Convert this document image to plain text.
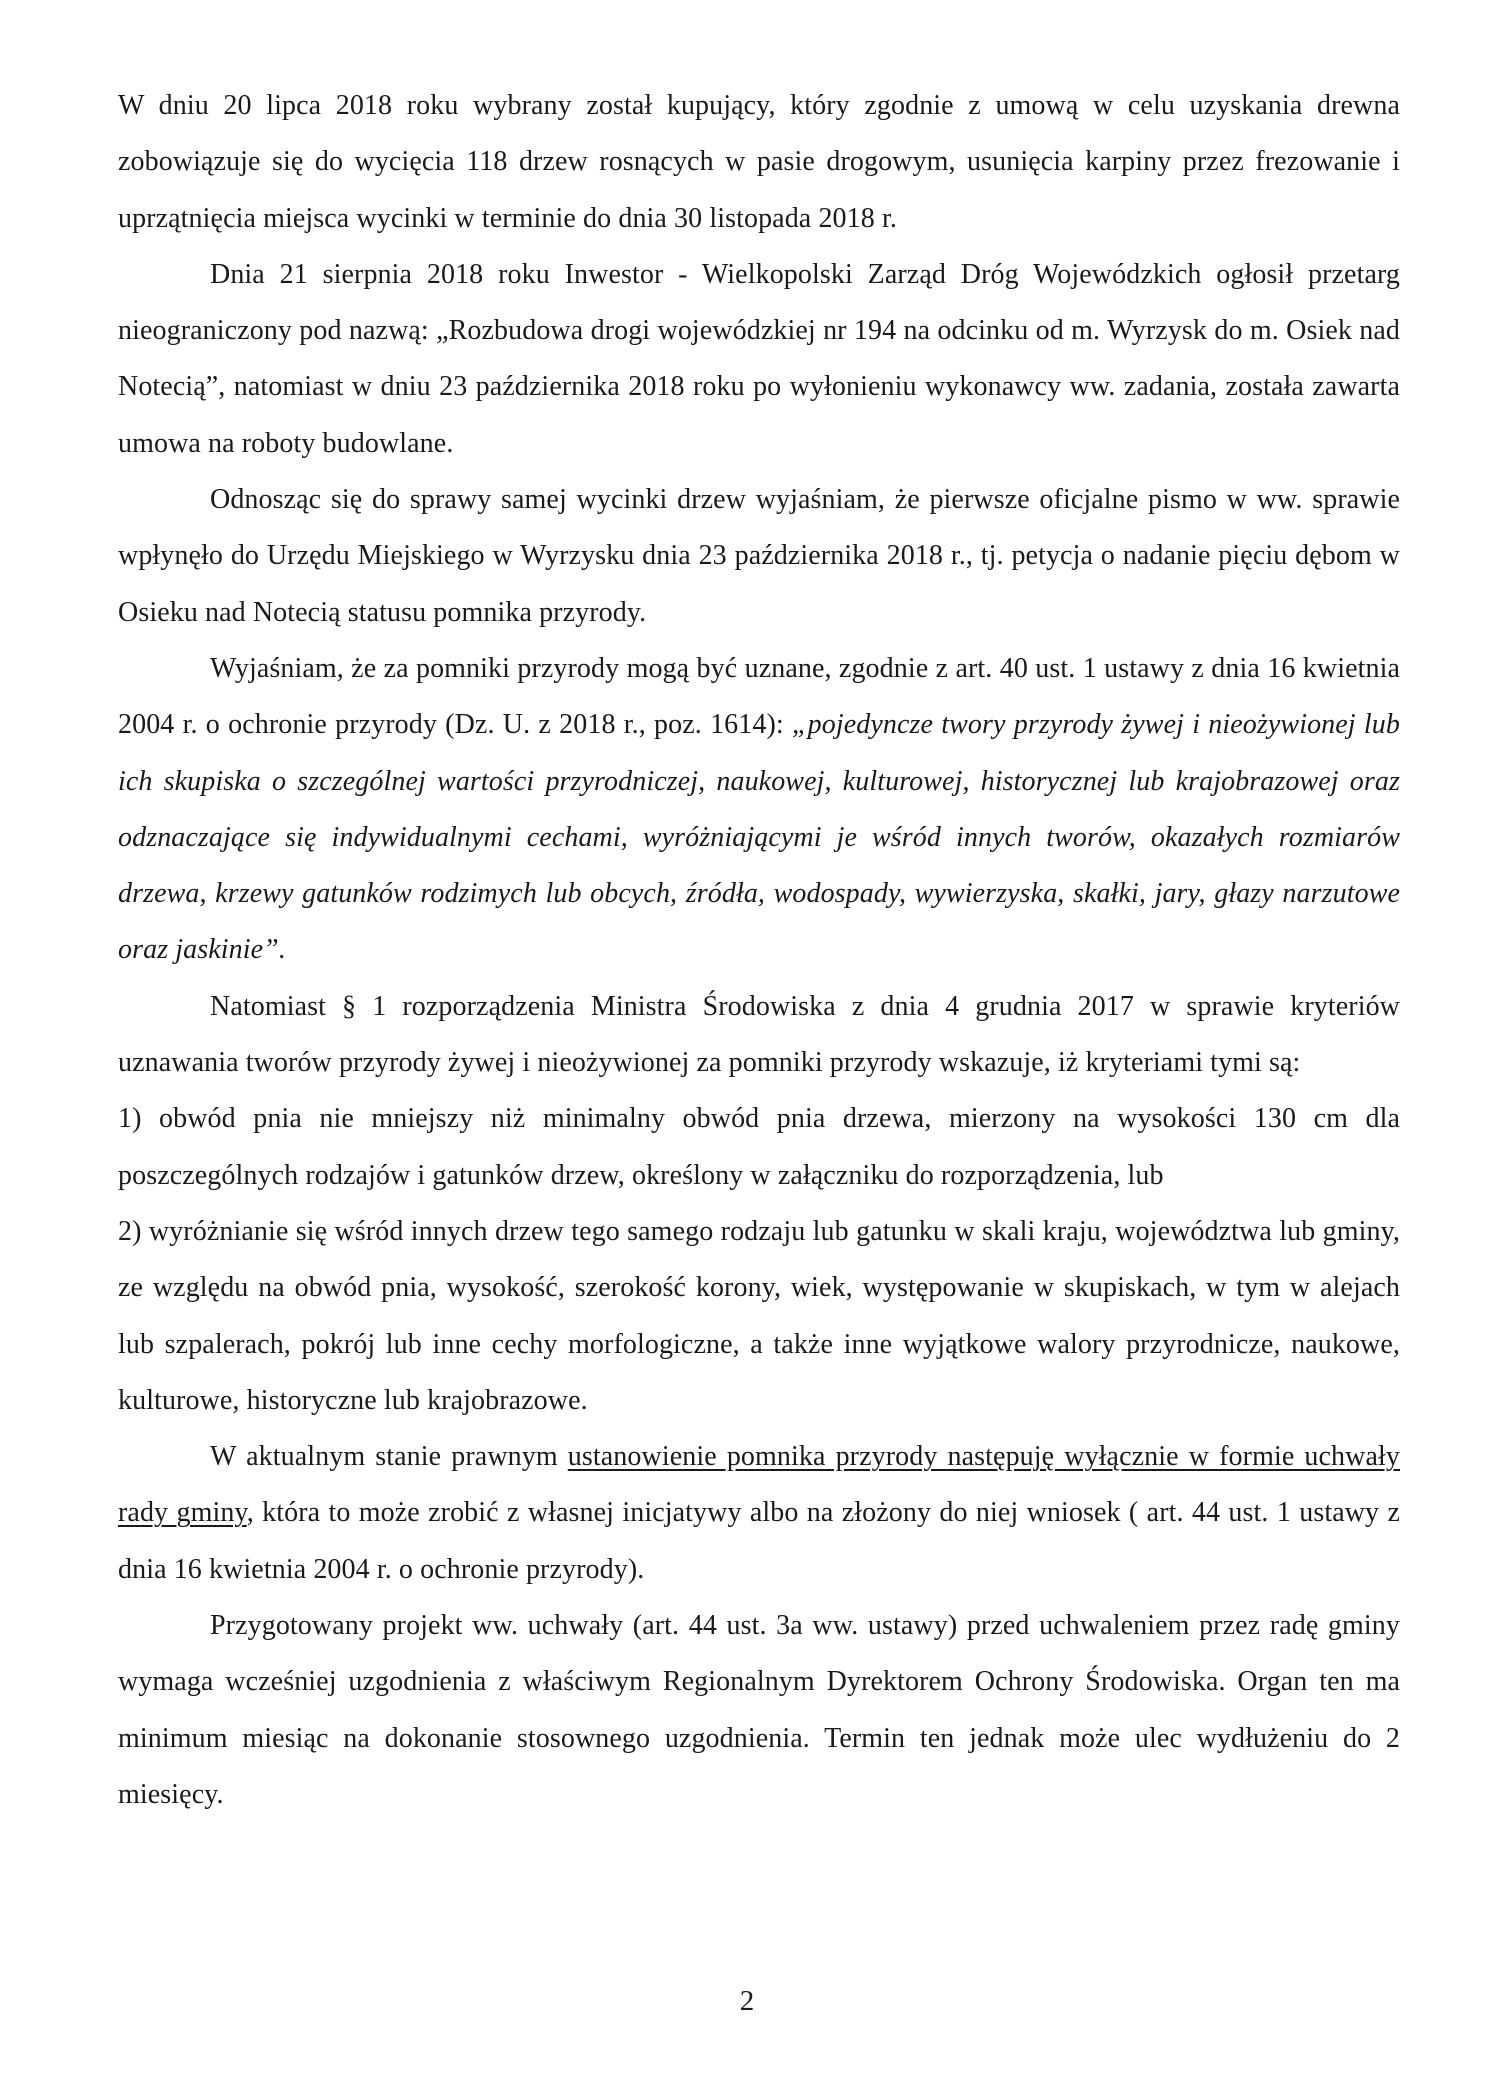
W dniu 20 lipca 2018 roku wybrany został kupujący, który zgodnie z umową w celu uzyskania drewna zobowiązuje się do wycięcia 118 drzew rosnących w pasie drogowym, usunięcia karpiny przez frezowanie i uprzątnięcia miejsca wycinki w terminie do dnia 30 listopada 2018 r.

Dnia 21 sierpnia 2018 roku Inwestor - Wielkopolski Zarząd Dróg Wojewódzkich ogłosił przetarg nieograniczony pod nazwą: „Rozbudowa drogi wojewódzkiej nr 194 na odcinku od m. Wyrzysk do m. Osiek nad Notecią”, natomiast w dniu 23 października 2018 roku po wyłonieniu wykonawcy ww. zadania, została zawarta umowa na roboty budowlane.

Odnosząc się do sprawy samej wycinki drzew wyjaśniam, że pierwsze oficjalne pismo w ww. sprawie wpłynęło do Urzędu Miejskiego w Wyrzysku dnia 23 października 2018 r., tj. petycja o nadanie pięciu dębom w Osieku nad Notecią statusu pomnika przyrody.

Wyjaśniam, że za pomniki przyrody mogą być uznane, zgodnie z art. 40 ust. 1 ustawy z dnia 16 kwietnia 2004 r. o ochronie przyrody (Dz. U. z 2018 r., poz. 1614): „pojedyncze twory przyrody żywej i nieożywionej lub ich skupiska o szczególnej wartości przyrodniczej, naukowej, kulturowej, historycznej lub krajobrazowej oraz odznaczające się indywidualnymi cechami, wyróżniającymi je wśród innych tworów, okazałych rozmiarów drzewa, krzewy gatunków rodzimych lub obcych, źródła, wodospady, wywierzyska, skałki, jary, głazy narzutowe oraz jaskinie”.

Natomiast § 1 rozporządzenia Ministra Środowiska z dnia 4 grudnia 2017 w sprawie kryteriów uznawania tworów przyrody żywej i nieożywionej za pomniki przyrody wskazuje, iż kryteriami tymi są:

1) obwód pnia nie mniejszy niż minimalny obwód pnia drzewa, mierzony na wysokości 130 cm dla poszczególnych rodzajów i gatunków drzew, określony w załączniku do rozporządzenia, lub

2) wyróżnianie się wśród innych drzew tego samego rodzaju lub gatunku w skali kraju, województwa lub gminy, ze względu na obwód pnia, wysokość, szerokość korony, wiek, występowanie w skupiskach, w tym w alejach lub szpalerach, pokrój lub inne cechy morfologiczne, a także inne wyjątkowe walory przyrodnicze, naukowe, kulturowe, historyczne lub krajobrazowe.

W aktualnym stanie prawnym ustanowienie pomnika przyrody następuję wyłącznie w formie uchwały rady gminy, która to może zrobić z własnej inicjatywy albo na złożony do niej wniosek ( art. 44 ust. 1 ustawy z dnia 16 kwietnia 2004 r. o ochronie przyrody).

Przygotowany projekt ww. uchwały (art. 44 ust. 3a ww. ustawy) przed uchwaleniem przez radę gminy wymaga wcześniej uzgodnienia z właściwym Regionalnym Dyrektorem Ochrony Środowiska. Organ ten ma minimum miesiąc na dokonanie stosownego uzgodnienia. Termin ten jednak może ulec wydłużeniu do 2 miesięcy.

2
